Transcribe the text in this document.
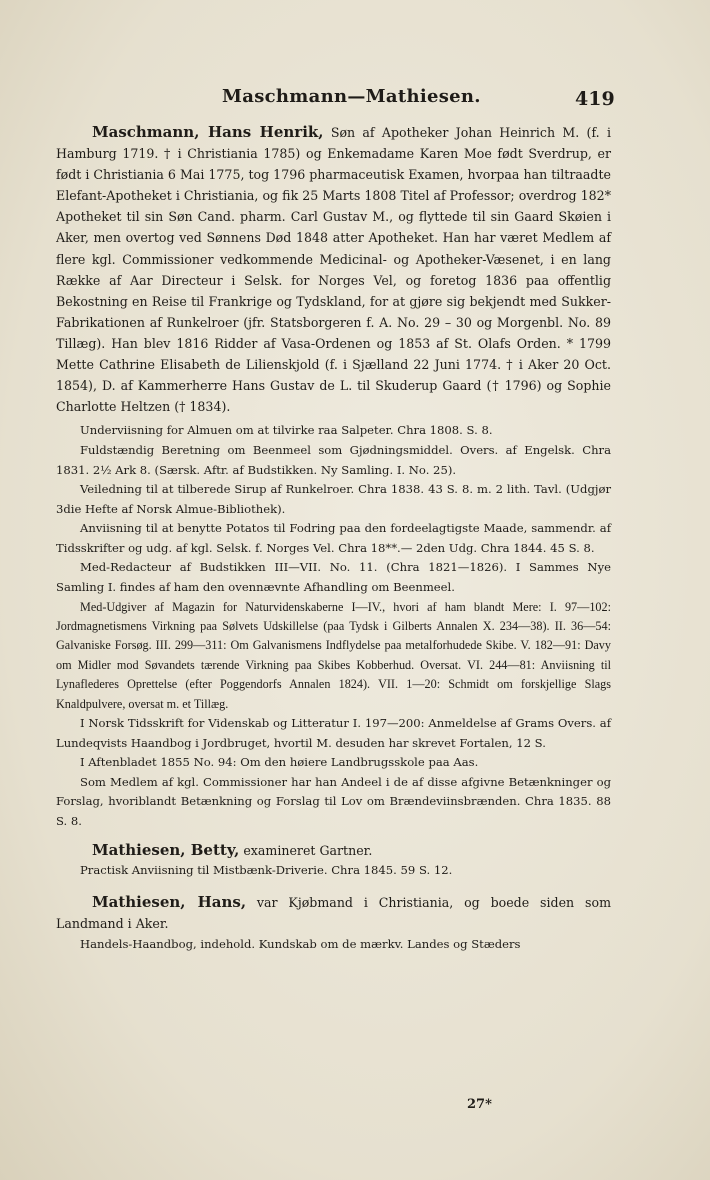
Maschmann—Mathiesen.	419

Maschmann, Hans Henrik, Søn af Apotheker Johan Heinrich M. (f. i Hamburg 1719. † i Christiania 1785) og Enkemadame Karen Moe født Sverdrup, er født i Christiania 6 Mai 1775, tog 1796 pharmaceutisk Examen, hvorpaa han tiltraadte Elefant-Apotheket i Christiania, og fik 25 Marts 1808 Titel af Professor; overdrog 182* Apotheket til sin Søn Cand. pharm. Carl Gustav M., og flyttede til sin Gaard Skøien i Aker, men overtog ved Sønnens Død 1848 atter Apotheket. Han har været Medlem af flere kgl. Commissioner vedkommende Medicinal- og Apotheker-Væsenet, i en lang Række af Aar Directeur i Selsk. for Norges Vel, og foretog 1836 paa offentlig Bekostning en Reise til Frankrige og Tydskland, for at gjøre sig bekjendt med Sukker-Fabrikationen af Runkelroer (jfr. Statsborgeren f. A. No. 29 – 30 og Morgenbl. No. 89 Tillæg). Han blev 1816 Ridder af Vasa-Ordenen og 1853 af St. Olafs Orden. * 1799 Mette Cathrine Elisabeth de Lilienskjold (f. i Sjælland 22 Juni 1774. † i Aker 20 Oct. 1854), D. af Kammerherre Hans Gustav de L. til Skuderup Gaard († 1796) og Sophie Charlotte Heltzen († 1834).

Underviisning for Almuen om at tilvirke raa Salpeter. Chra 1808. S. 8.

Fuldstændig Beretning om Beenmeel som Gjødningsmiddel. Overs. af Engelsk. Chra 1831. 2½ Ark 8. (Særsk. Aftr. af Budstikken. Ny Samling. I. No. 25).

Veiledning til at tilberede Sirup af Runkelroer. Chra 1838. 43 S. 8. m. 2 lith. Tavl. (Udgjør 3die Hefte af Norsk Almue-Bibliothek).

Anviisning til at benytte Potatos til Fodring paa den fordeelagtigste Maade, sammendr. af Tidsskrifter og udg. af kgl. Selsk. f. Norges Vel. Chra 18**.— 2den Udg. Chra 1844. 45 S. 8.

Med-Redacteur af Budstikken III—VII. No. 11. (Chra 1821—1826). I Sammes Nye Samling I. findes af ham den ovennævnte Afhandling om Beenmeel.

Med-Udgiver af Magazin for Naturvidenskaberne I—IV., hvori af ham blandt Mere: I. 97—102: Jordmagnetismens Virkning paa Sølvets Udskillelse (paa Tydsk i Gilberts Annalen X. 234—38). II. 36—54: Galvaniske Forsøg. III. 299—311: Om Galvanismens Indflydelse paa metalforhudede Skibe. V. 182—91: Davy om Midler mod Søvandets tærende Virkning paa Skibes Kobberhud. Oversat. VI. 244—81: Anviisning til Lynaflederes Oprettelse (efter Poggendorfs Annalen 1824). VII. 1—20: Schmidt om forskjellige Slags Knaldpulvere, oversat m. et Tillæg.

I Norsk Tidsskrift for Videnskab og Litteratur I. 197—200: Anmeldelse af Grams Overs. af Lundeqvists Haandbog i Jordbruget, hvortil M. desuden har skrevet Fortalen, 12 S.

I Aftenbladet 1855 No. 94: Om den høiere Landbrugsskole paa Aas.

Som Medlem af kgl. Commissioner har han Andeel i de af disse afgivne Betænkninger og Forslag, hvoriblandt Betænkning og Forslag til Lov om Brændeviinsbrænden. Chra 1835. 88 S. 8.

Mathiesen, Betty, examineret Gartner.

Practisk Anviisning til Mistbænk-Driverie. Chra 1845. 59 S. 12.

Mathiesen, Hans, var Kjøbmand i Christiania, og boede siden som Landmand i Aker.

Handels-Haandbog, indehold. Kundskab om de mærkv. Landes og Stæders

27*
